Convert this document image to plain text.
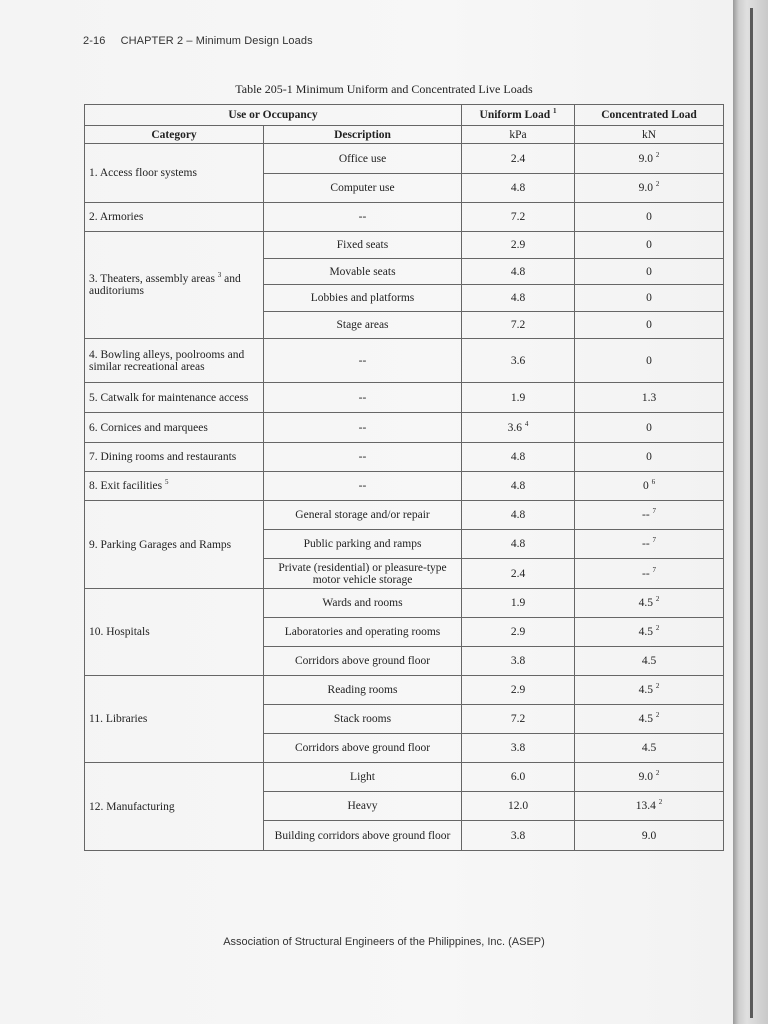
2-16 CHAPTER 2 – Minimum Design Loads
Table 205-1 Minimum Uniform and Concentrated Live Loads
Use or Occupancy		Uniform Load $^1$	Concentrated Load
Category	Description	kPa	kN
1. Access floor systems	Office use	2.4	9.0 $^2$
	Computer use	4.8	9.0 $^2$
2. Armories	--	7.2	0
3. Theaters, assembly areas $^3$ and auditoriums	Fixed seats	2.9	0
	Movable seats	4.8	0
	Lobbies and platforms	4.8	0
	Stage areas	7.2	0
4. Bowling alleys, poolrooms and similar recreational areas	--	3.6	0
5. Catwalk for maintenance access	--	1.9	1.3
6. Cornices and marquees	--	3.6 $^4$	0
7. Dining rooms and restaurants	--	4.8	0
8. Exit facilities $^5$	--	4.8	0 $^6$
9. Parking Garages and Ramps	General storage and/or repair	4.8	-- $^7$
	Public parking and ramps	4.8	-- $^7$
	Private (residential) or pleasure-type motor vehicle storage	2.4	-- $^7$
10. Hospitals	Wards and rooms	1.9	4.5 $^2$
	Laboratories and operating rooms	2.9	4.5 $^2$
	Corridors above ground floor	3.8	4.5
11. Libraries	Reading rooms	2.9	4.5 $^2$
	Stack rooms	7.2	4.5 $^2$
	Corridors above ground floor	3.8	4.5
12. Manufacturing	Light	6.0	9.0 $^2$
	Heavy	12.0	13.4 $^2$
	Building corridors above ground floor	3.8	9.0
Association of Structural Engineers of the Philippines, Inc. (ASEP)
